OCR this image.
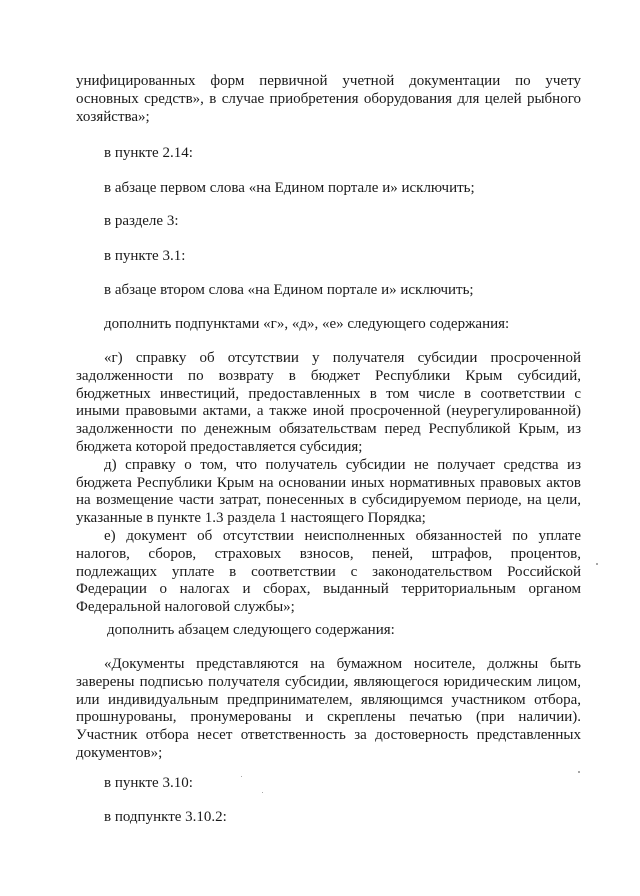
унифицированных форм первичной учетной документации по учету
основных средств», в случае приобретения оборудования для целей рыбного
хозяйства»;
в пункте 2.14:
в абзаце первом слова «на Едином портале и» исключить;
в разделе 3:
в пункте 3.1:
в абзаце втором слова «на Едином портале и» исключить;
дополнить подпунктами «г», «д», «е» следующего содержания:
«г) справку об отсутствии у получателя субсидии просроченной
задолженности по возврату в бюджет Республики Крым субсидий,
бюджетных инвестиций, предоставленных в том числе в соответствии с
иными правовыми актами, а также иной просроченной (неурегулированной)
задолженности по денежным обязательствам перед Республикой Крым, из
бюджета которой предоставляется субсидия;
д) справку о том, что получатель субсидии не получает средства из
бюджета Республики Крым на основании иных нормативных правовых актов
на возмещение части затрат, понесенных в субсидируемом периоде, на цели,
указанные в пункте 1.3 раздела 1 настоящего Порядка;
е) документ об отсутствии неисполненных обязанностей по уплате
налогов, сборов, страховых взносов, пеней, штрафов, процентов,
подлежащих уплате в соответствии с законодательством Российской
Федерации о налогах и сборах, выданный территориальным органом
Федеральной налоговой службы»;
дополнить абзацем следующего содержания:
«Документы представляются на бумажном носителе, должны быть
заверены подписью получателя субсидии, являющегося юридическим лицом,
или индивидуальным предпринимателем, являющимся участником отбора,
прошнурованы, пронумерованы и скреплены печатью (при наличии).
Участник отбора несет ответственность за достоверность представленных
документов»;
в пункте 3.10:
в подпункте 3.10.2:
